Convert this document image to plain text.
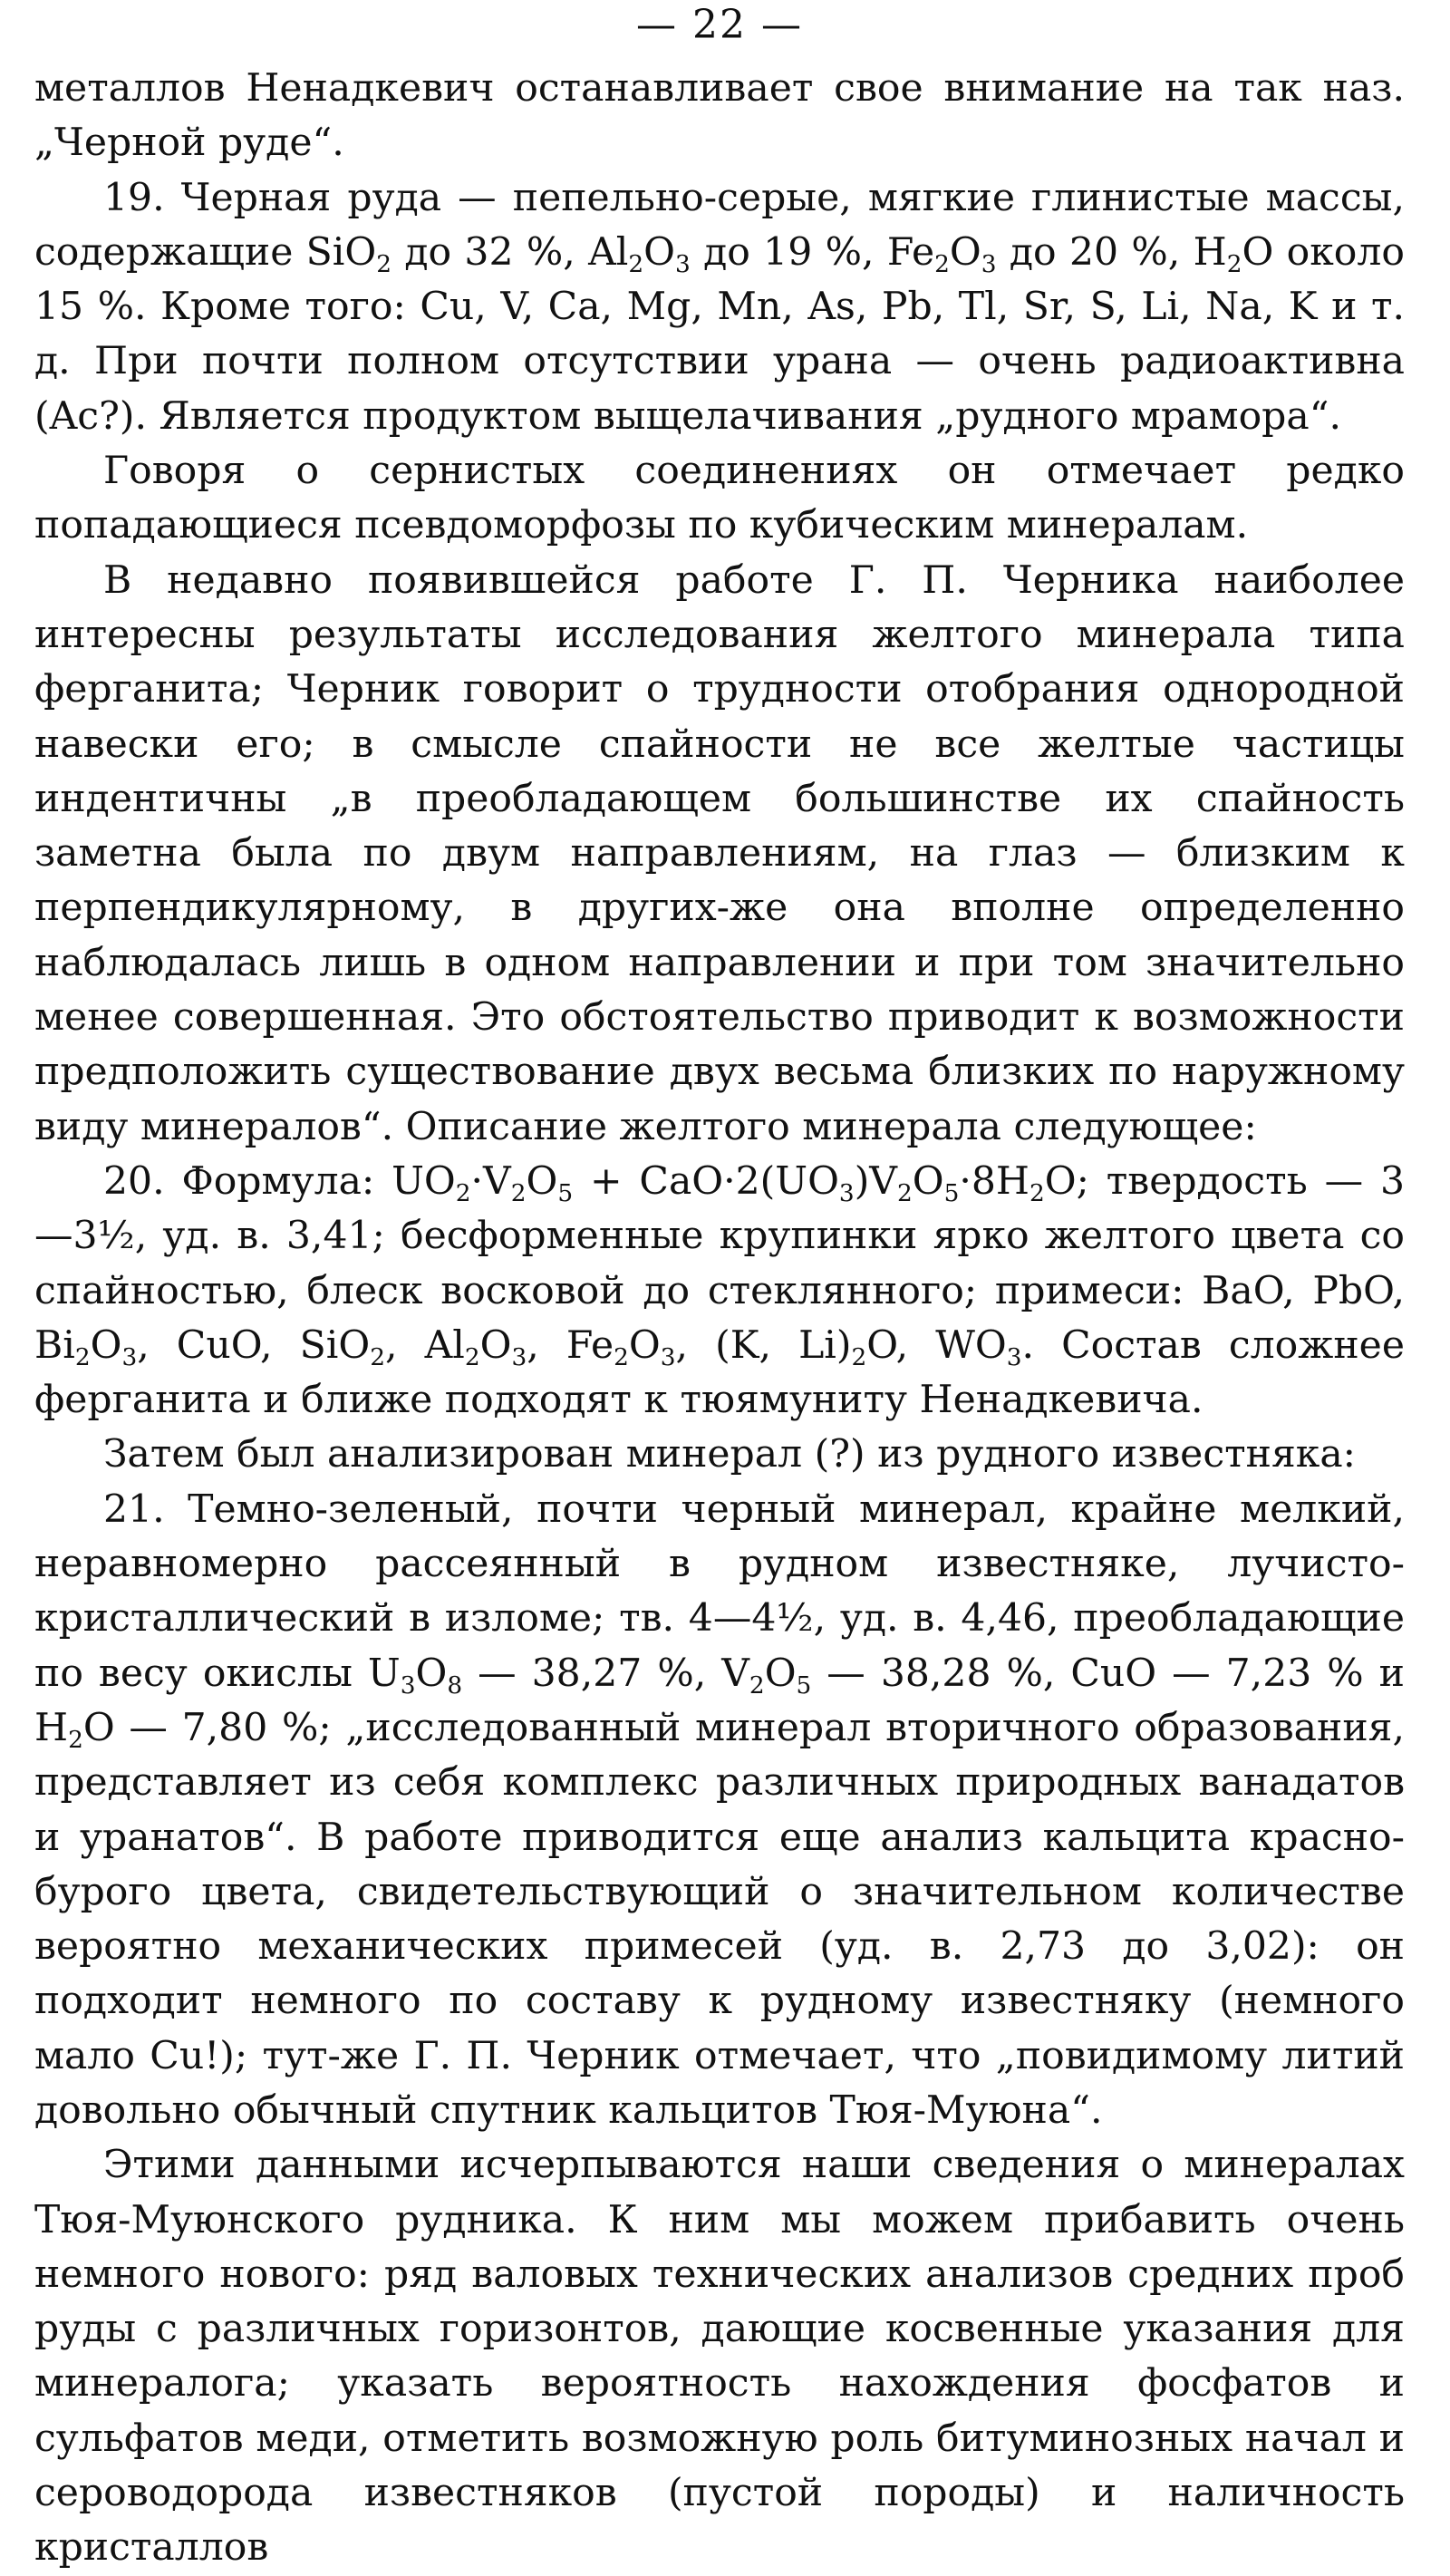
— 22 —

металлов Ненадкевич останавливает свое внимание на так наз. „Черной руде“.

19. Черная руда — пепельно-серые, мягкие глинистые массы, содержащие SiO$_2$ до 32 %, $Al_2O_3$ до 19 %, $Fe_2O_3$ до 20 %, $H_2O$ около 15 %. Кроме того: Cu, V, Ca, Mg, Mn, As, Pb, Tl, Sr, S, Li, Na, K и т. д. При почти полном отсутствии урана — очень радиоактивна (Ac?). Является продуктом выщелачивания „рудного мрамора“.

Говоря о сернистых соединениях он отмечает редко попадающиеся псевдоморфозы по кубическим минералам.

В недавно появившейся работе Г. П. Черника наиболее интересны результаты исследования желтого минерала типа ферганита; Черник говорит о трудности отобрания однородной навески его; в смысле спайности не все желтые частицы индентичны „в преобладающем большинстве их спайность заметна была по двум направлениям, на глаз — близким к перпендикулярному, в других-же она вполне определенно наблюдалась лишь в одном направлении и при том значительно менее совершенная. Это обстоятельство приводит к возможности предположить существование двух весьма близких по наружному виду минералов“. Описание желтого минерала следующее:

20. Формула: $UO_2\cdot V_2O_5 + CaO\cdot 2(UO_3)V_2O_5\cdot 8H_2O$; твердость — 3—3½, уд. в. 3,41; бесформенные крупинки ярко желтого цвета со спайностью, блеск восковой до стеклянного; примеси: BaO, PbO, $Bi_2O_3$, CuO, SiO$_2$, $Al_2O_3$, $Fe_2O_3$, (K, $Li)_2O$, $WO_3$. Состав сложнее ферганита и ближе подходят к тюямуниту Ненадкевича.

Затем был анализирован минерал (?) из рудного известняка:

21. Темно-зеленый, почти черный минерал, крайне мелкий, неравномерно рассеянный в рудном известняке, лучисто-кристаллический в изломе; тв. 4—4½, уд. в. 4,46, преобладающие по весу окислы $U_3O_8$ — 38,27 %, $V_2O_5$ — 38,28 %, CuO — 7,23 % и $H_2O$ — 7,80 %; „исследованный минерал вторичного образования, представляет из себя комплекс различных природных ванадатов и уранатов“. В работе приводится еще анализ кальцита красно-бурого цвета, свидетельствующий о значительном количестве вероятно механических примесей (уд. в. 2,73 до 3,02): он подходит немного по составу к рудному известняку (немного мало Cu!); тут-же Г. П. Черник отмечает, что „повидимому литий довольно обычный спутник кальцитов Тюя-Муюна“.

Этими данными исчерпываются наши сведения о минералах Тюя-Муюнского рудника. К ним мы можем прибавить очень немного нового: ряд валовых технических анализов средних проб руды с различных горизонтов, дающие косвенные указания для минералога; указать вероятность нахождения фосфатов и сульфатов меди, отметить возможную роль битуминозных начал и сероводорода известняков (пустой породы) и наличность кристаллов
